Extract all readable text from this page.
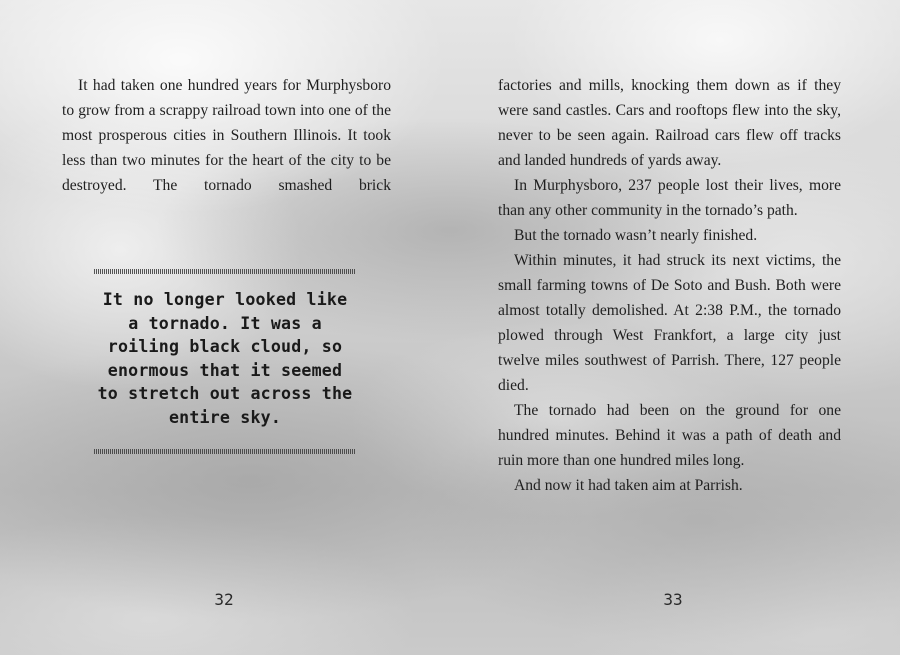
It had taken one hundred years for Murphysboro to grow from a scrappy railroad town into one of the most prosperous cities in Southern Illinois. It took less than two minutes for the heart of the city to be destroyed. The tornado smashed brick

It no longer looked like a tornado. It was a roiling black cloud, so enormous that it seemed to stretch out across the entire sky.

32

factories and mills, knocking them down as if they were sand castles. Cars and rooftops flew into the sky, never to be seen again. Railroad cars flew off tracks and landed hundreds of yards away.

In Murphysboro, 237 people lost their lives, more than any other community in the tornado’s path.

But the tornado wasn’t nearly finished.

Within minutes, it had struck its next victims, the small farming towns of De Soto and Bush. Both were almost totally demolished. At 2:38 P.M., the tornado plowed through West Frankfort, a large city just twelve miles southwest of Parrish. There, 127 people died.

The tornado had been on the ground for one hundred minutes. Behind it was a path of death and ruin more than one hundred miles long.

And now it had taken aim at Parrish.

33
